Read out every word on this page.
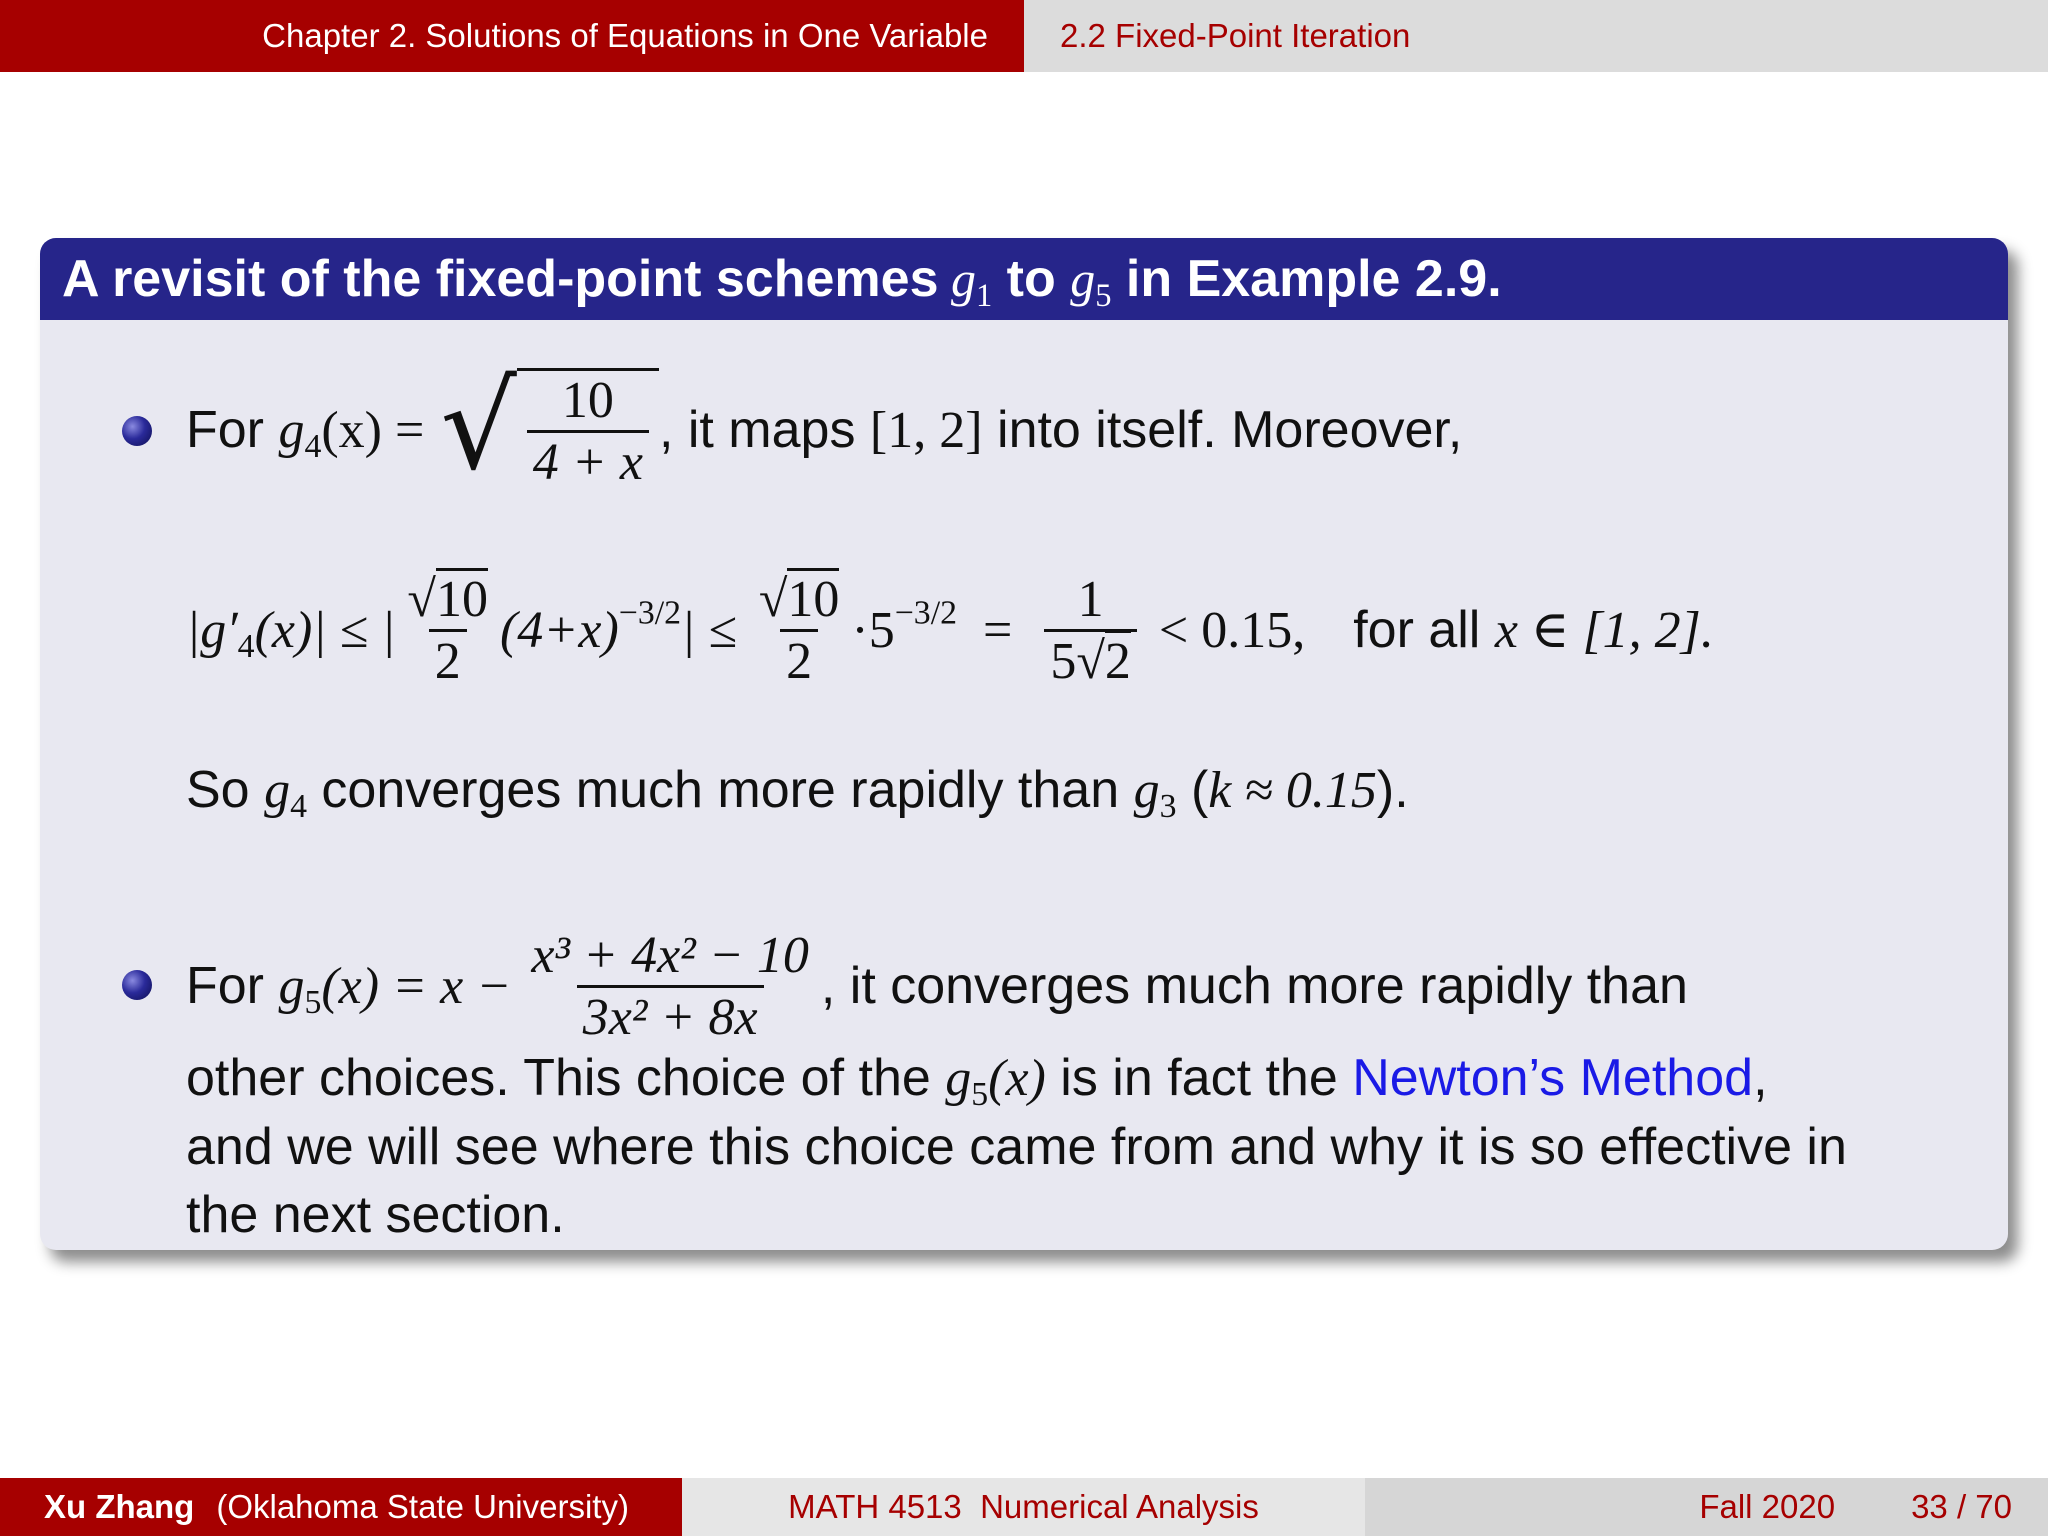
Chapter 2. Solutions of Equations in One Variable 2.2 Fixed-Point Iteration
A revisit of the fixed-point schemes $g_1$ to $g_5$ in Example 2.9.
For $g_4(x)$ = √ $\frac{10}{4 + x}$ , it maps [1, 2] into itself. Moreover,
$|g'_4(x)|$ ≤ | $\frac{√10}{2} (4+x)^{-3/2}| \le \frac{√10}{2} \cdot 5^{-3/2} = \frac{1}{5√2} < 0.15$, for all x ∈ [1, 2].
So $g_4$ converges much more rapidly than $g_3$ ( k ≈ 0.15 ).
For $g_5(x) = x - \frac{\text{x³ + 4x² − 10}}{\text{3x² + 8x}}$ , it converges much more rapidly than
other choices. This choice of the $g_5(x)$ is in fact the Newton’s Method,
and we will see where this choice came from and why it is so effective in
the next section.
Xu Zhang (Oklahoma State University)	MATH 4513  Numerical Analysis	Fall 2020 33 / 70
